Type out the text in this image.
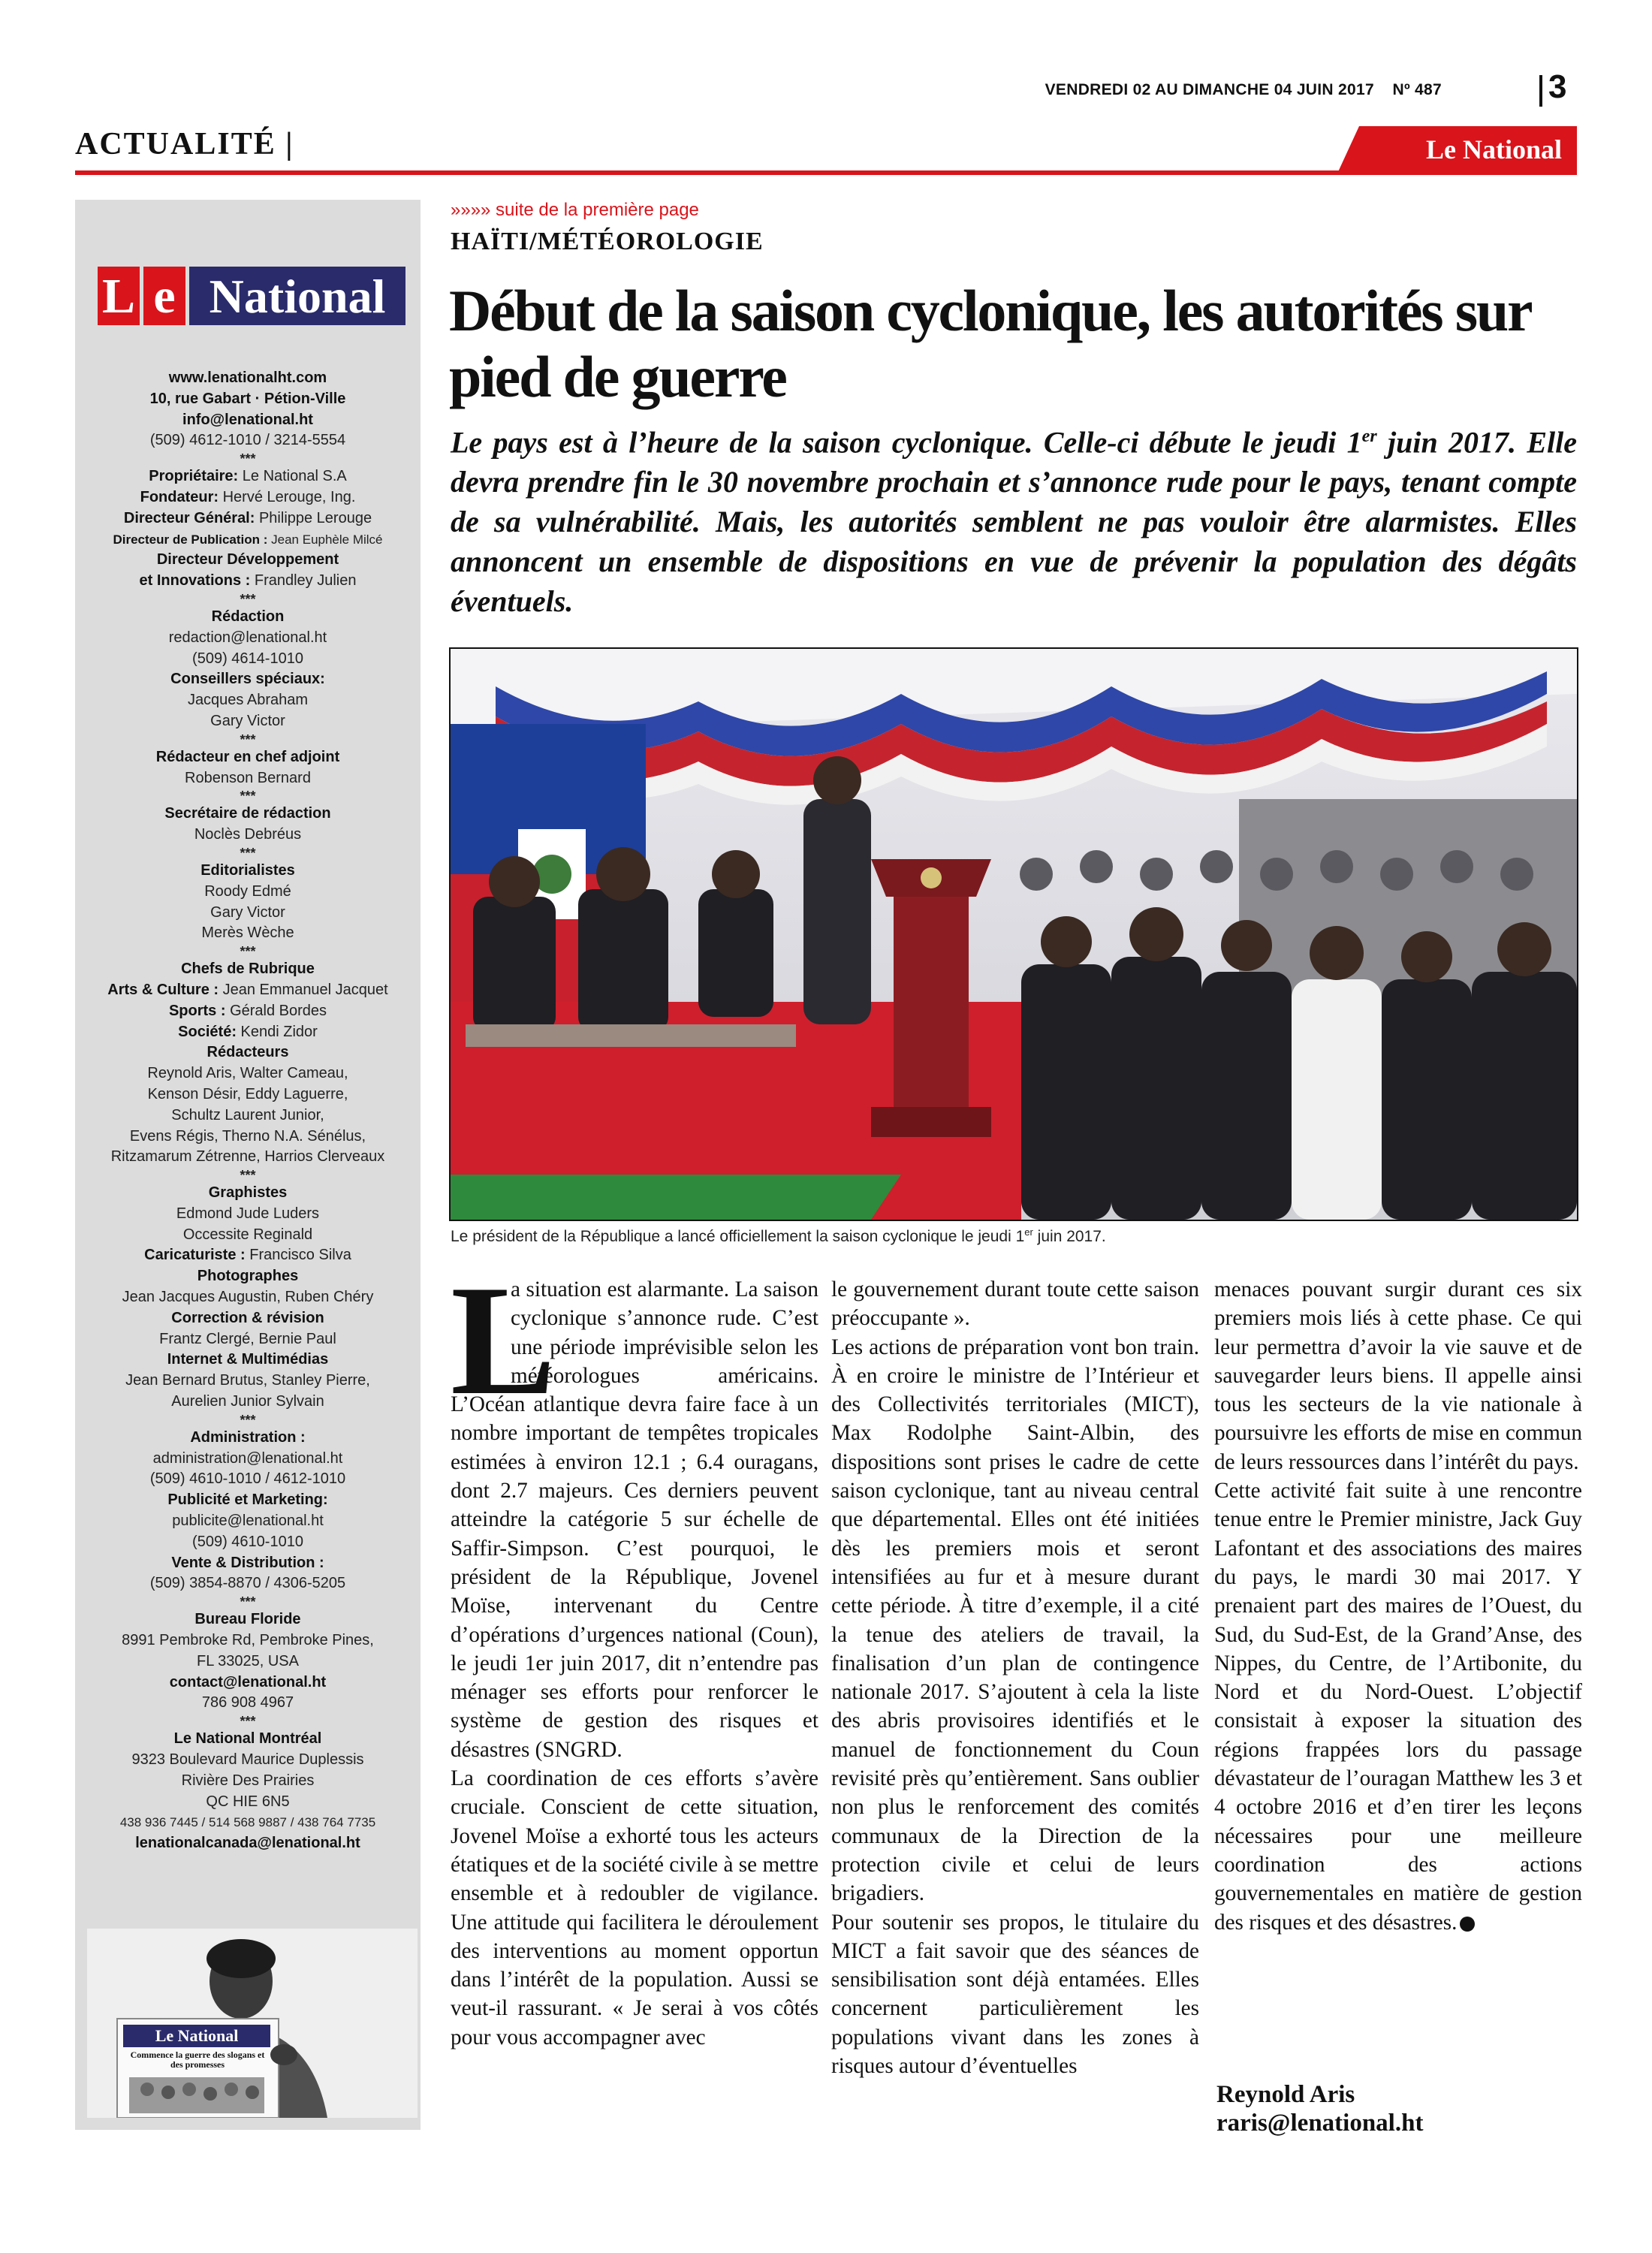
VENDREDI 02 AU DIMANCHE 04 JUIN 2017 Nº 487	3
ACTUALITÉ |	Le National
L e National
www.lenationalht.com
10, rue Gabart · Pétion-Ville
info@lenational.ht
(509) 4612-1010 / 3214-5554
***
Propriétaire: Le National S.A
Fondateur: Hervé Lerouge, Ing.
Directeur Général: Philippe Lerouge
Directeur de Publication : Jean Euphèle Milcé
Directeur Développement
et Innovations : Frandley Julien
***
Rédaction
redaction@lenational.ht
(509) 4614-1010
Conseillers spéciaux:
Jacques Abraham
Gary Victor
***
Rédacteur en chef adjoint
Robenson Bernard
***
Secrétaire de rédaction
Noclès Debréus
***
Editorialistes
Roody Edmé
Gary Victor
Merès Wèche
***
Chefs de Rubrique
Arts & Culture : Jean Emmanuel Jacquet
Sports : Gérald Bordes
Société: Kendi Zidor
Rédacteurs
Reynold Aris, Walter Cameau,
Kenson Désir, Eddy Laguerre,
Schultz Laurent Junior,
Evens Régis, Therno N.A. Sénélus,
Ritzamarum Zétrenne, Harrios Clerveaux
***
Graphistes
Edmond Jude Luders
Occessite Reginald
Caricaturiste : Francisco Silva
Photographes
Jean Jacques Augustin, Ruben Chéry
Correction & révision
Frantz Clergé, Bernie Paul
Internet & Multimédias
Jean Bernard Brutus, Stanley Pierre,
Aurelien Junior Sylvain
***
Administration :
administration@lenational.ht
(509) 4610-1010 / 4612-1010
Publicité et Marketing:
publicite@lenational.ht
(509) 4610-1010
Vente & Distribution :
(509) 3854-8870 / 4306-5205
***
Bureau Floride
8991 Pembroke Rd, Pembroke Pines,
FL 33025, USA
contact@lenational.ht
786 908 4967
***
Le National Montréal
9323 Boulevard Maurice Duplessis
Rivière Des Prairies
QC HIE 6N5
438 936 7445 / 514 568 9887 / 438 764 7735
lenationalcanada@lenational.ht
Le National
Commence la guerre des slogans et des promesses
»»»» suite de la première page
HAÏTI/MÉTÉOROLOGIE
Début de la saison cyclonique, les autorités sur pied de guerre
Le pays est à l’heure de la saison cyclonique. Celle-ci débute le jeudi 1er juin 2017. Elle devra prendre fin le 30 novembre prochain et s’annonce rude pour le pays, tenant compte de sa vulnérabilité. Mais, les autorités semblent ne pas vouloir être alarmistes. Elles annoncent un ensemble de dispositions en vue de prévenir la population des dégâts éventuels.
Le président de la République a lancé officiellement la saison cyclonique le jeudi 1er juin 2017.
L

a situation est alarmante. La saison cyclonique s’annonce rude. C’est une période imprévisible selon les météorologues américains. L’Océan atlantique devra faire face à un nombre important de tempêtes tropicales estimées à environ 12.1 ; 6.4 ouragans, dont 2.7 majeurs. Ces derniers peuvent atteindre la catégorie 5 sur échelle de Saffir-Simpson. C’est pourquoi, le président de la République, Jovenel Moïse, intervenant du Centre d’opérations d’urgences national (Coun), le jeudi 1er juin 2017, dit n’entendre pas ménager ses efforts pour renforcer le système de gestion des risques et désastres (SNGRD.

La coordination de ces efforts s’avère cruciale. Conscient de cette situation, Jovenel Moïse a exhorté tous les acteurs étatiques et de la société civile à se mettre ensemble et à redoubler de vigilance. Une attitude qui facilitera le déroulement des interventions au moment opportun dans l’intérêt de la population. Aussi se veut-il rassurant. « Je serai à vos côtés pour vous accompagner avec

le gouvernement durant toute cette saison préoccupante ».

Les actions de préparation vont bon train. À en croire le ministre de l’Intérieur et des Collectivités territoriales (MICT), Max Rodolphe Saint-Albin, des dispositions sont prises le cadre de cette saison cyclonique, tant au niveau central que départemental. Elles ont été initiées dès les premiers mois et seront intensifiées au fur et à mesure durant cette période. À titre d’exemple, il a cité la tenue des ateliers de travail, la finalisation d’un plan de contingence nationale 2017. S’ajoutent à cela la liste des abris provisoires identifiés et le manuel de fonctionnement du Coun revisité près qu’entièrement. Sans oublier non plus le renforcement des comités communaux de la Direction de la protection civile et celui de leurs brigadiers.

Pour soutenir ses propos, le titulaire du MICT a fait savoir que des séances de sensibilisation sont déjà entamées. Elles concernent particulièrement les populations vivant dans les zones à risques autour d’éventuelles

menaces pouvant surgir durant ces six premiers mois liés à cette phase. Ce qui leur permettra d’avoir la vie sauve et de sauvegarder leurs biens. Il appelle ainsi tous les secteurs de la vie nationale à poursuivre les efforts de mise en commun de leurs ressources dans l’intérêt du pays.

Cette activité fait suite à une rencontre tenue entre le Premier ministre, Jack Guy Lafontant et des associations des maires du pays, le mardi 30 mai 2017. Y prenaient part des maires de l’Ouest, du Sud, du Sud-Est, de la Grand’Anse, des Nippes, du Centre, de l’Artibonite, du Nord et du Nord-Ouest. L’objectif consistait à exposer la situation des régions frappées lors du passage dévastateur de l’ouragan Matthew les 3 et 4 octobre 2016 et d’en tirer les leçons nécessaires pour une meilleure coordination des actions gouvernementales en matière de gestion des risques et des désastres.

Reynold Aris
raris@lenational.ht
